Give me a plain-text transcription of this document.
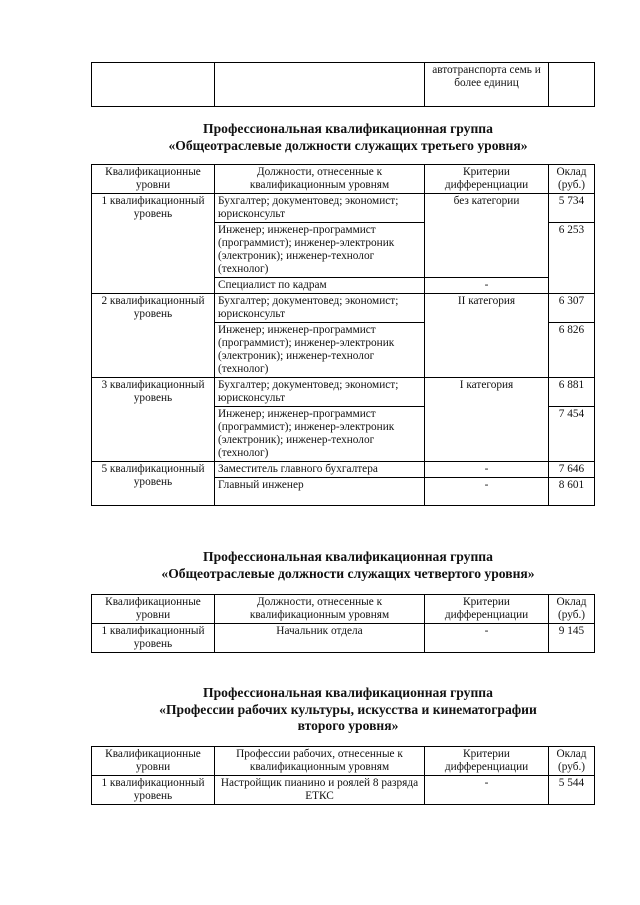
		автотранспорта семь и более единиц	
Профессиональная квалификационная группа
«Общеотраслевые должности служащих третьего уровня»
Квалификационные уровни	Должности, отнесенные к квалификационным уровням	Критерии дифференциации	Оклад (руб.)
1 квалификационный уровень	Бухгалтер; документовед; экономист; юрисконсульт	без категории	5 734
	Инженер; инженер-программист (программист); инженер-электроник (электроник); инженер-технолог (технолог)		6 253
	Специалист по кадрам	-	
2 квалификационный уровень	Бухгалтер; документовед; экономист; юрисконсульт	II категория	6 307
	Инженер; инженер-программист (программист); инженер-электроник (электроник); инженер-технолог (технолог)		6 826
3 квалификационный уровень	Бухгалтер; документовед; экономист; юрисконсульт	I категория	6 881
	Инженер; инженер-программист (программист); инженер-электроник (электроник); инженер-технолог (технолог)		7 454
5 квалификационный уровень	Заместитель главного бухгалтера	-	7 646
	Главный инженер	-	8 601
Профессиональная квалификационная группа
«Общеотраслевые должности служащих четвертого уровня»
Квалификационные уровни	Должности, отнесенные к квалификационным уровням	Критерии дифференциации	Оклад (руб.)
1 квалификационный уровень	Начальник отдела	-	9 145
Профессиональная квалификационная группа
«Профессии рабочих культуры, искусства и кинематографии
второго уровня»
Квалификационные уровни	Профессии рабочих, отнесенные к квалификационным уровням	Критерии дифференциации	Оклад (руб.)
1 квалификационный уровень	Настройщик пианино и роялей 8 разряда ЕТКС	-	5 544
